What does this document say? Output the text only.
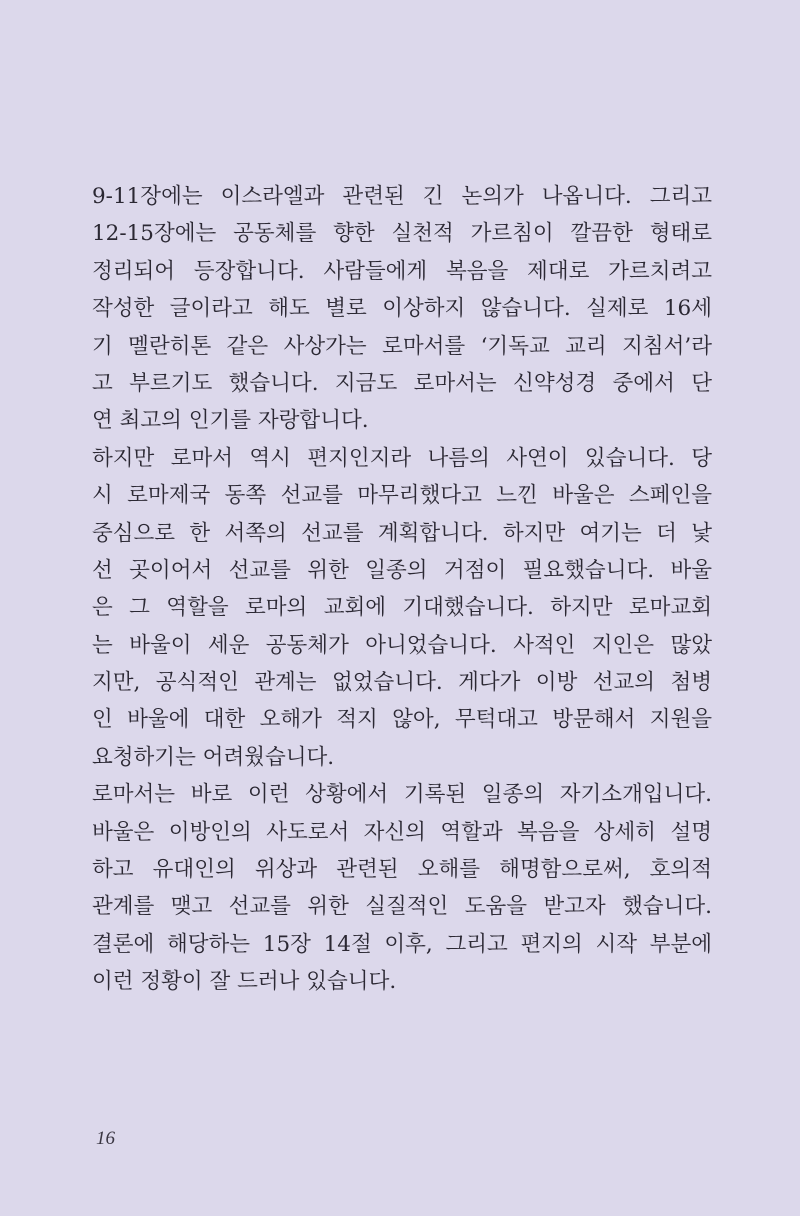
9-11장에는 이스라엘과 관련된 긴 논의가 나옵니다. 그리고
12-15장에는 공동체를 향한 실천적 가르침이 깔끔한 형태로
정리되어 등장합니다. 사람들에게 복음을 제대로 가르치려고
작성한 글이라고 해도 별로 이상하지 않습니다. 실제로 16세
기 멜란히톤 같은 사상가는 로마서를 ‘기독교 교리 지침서’라
고 부르기도 했습니다. 지금도 로마서는 신약성경 중에서 단
연 최고의 인기를 자랑합니다.
하지만 로마서 역시 편지인지라 나름의 사연이 있습니다. 당
시 로마제국 동쪽 선교를 마무리했다고 느낀 바울은 스페인을
중심으로 한 서쪽의 선교를 계획합니다. 하지만 여기는 더 낯
선 곳이어서 선교를 위한 일종의 거점이 필요했습니다. 바울
은 그 역할을 로마의 교회에 기대했습니다. 하지만 로마교회
는 바울이 세운 공동체가 아니었습니다. 사적인 지인은 많았
지만, 공식적인 관계는 없었습니다. 게다가 이방 선교의 첨병
인 바울에 대한 오해가 적지 않아, 무턱대고 방문해서 지원을
요청하기는 어려웠습니다.
로마서는 바로 이런 상황에서 기록된 일종의 자기소개입니다.
바울은 이방인의 사도로서 자신의 역할과 복음을 상세히 설명
하고 유대인의 위상과 관련된 오해를 해명함으로써, 호의적
관계를 맺고 선교를 위한 실질적인 도움을 받고자 했습니다.
결론에 해당하는 15장 14절 이후, 그리고 편지의 시작 부분에
이런 정황이 잘 드러나 있습니다.
16
